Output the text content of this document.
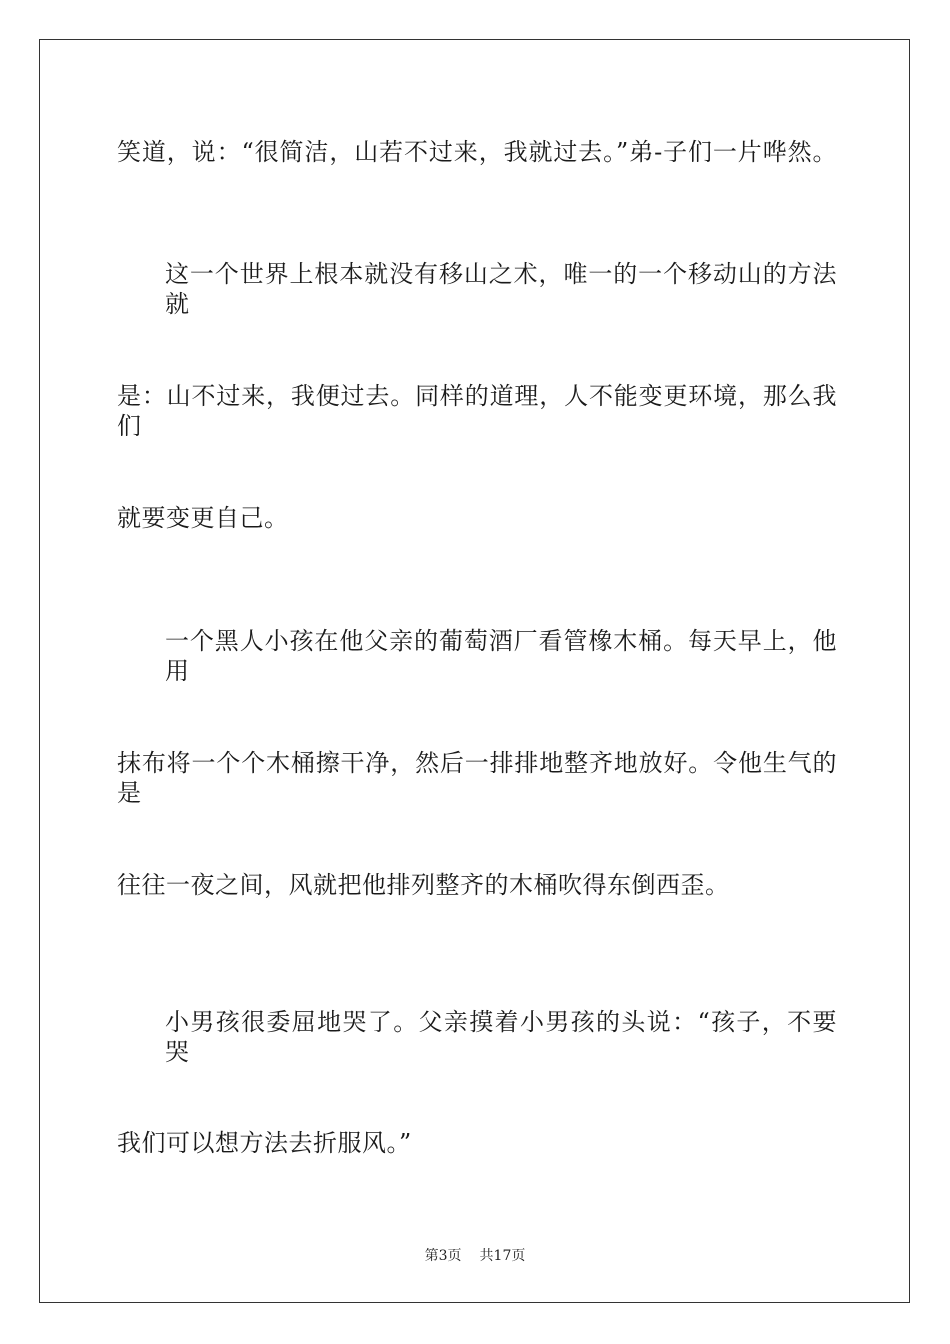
笑道，说：“很简洁，山若不过来，我就过去。”弟-子们一片哗然。
这一个世界上根本就没有移山之术，唯一的一个移动山的方法就
是：山不过来，我便过去。同样的道理，人不能变更环境，那么我们
就要变更自己。
一个黑人小孩在他父亲的葡萄酒厂看管橡木桶。每天早上，他用
抹布将一个个木桶擦干净，然后一排排地整齐地放好。令他生气的是
往往一夜之间，风就把他排列整齐的木桶吹得东倒西歪。
小男孩很委屈地哭了。父亲摸着小男孩的头说：“孩子，不要哭
我们可以想方法去折服风。”
第3页 共17页
